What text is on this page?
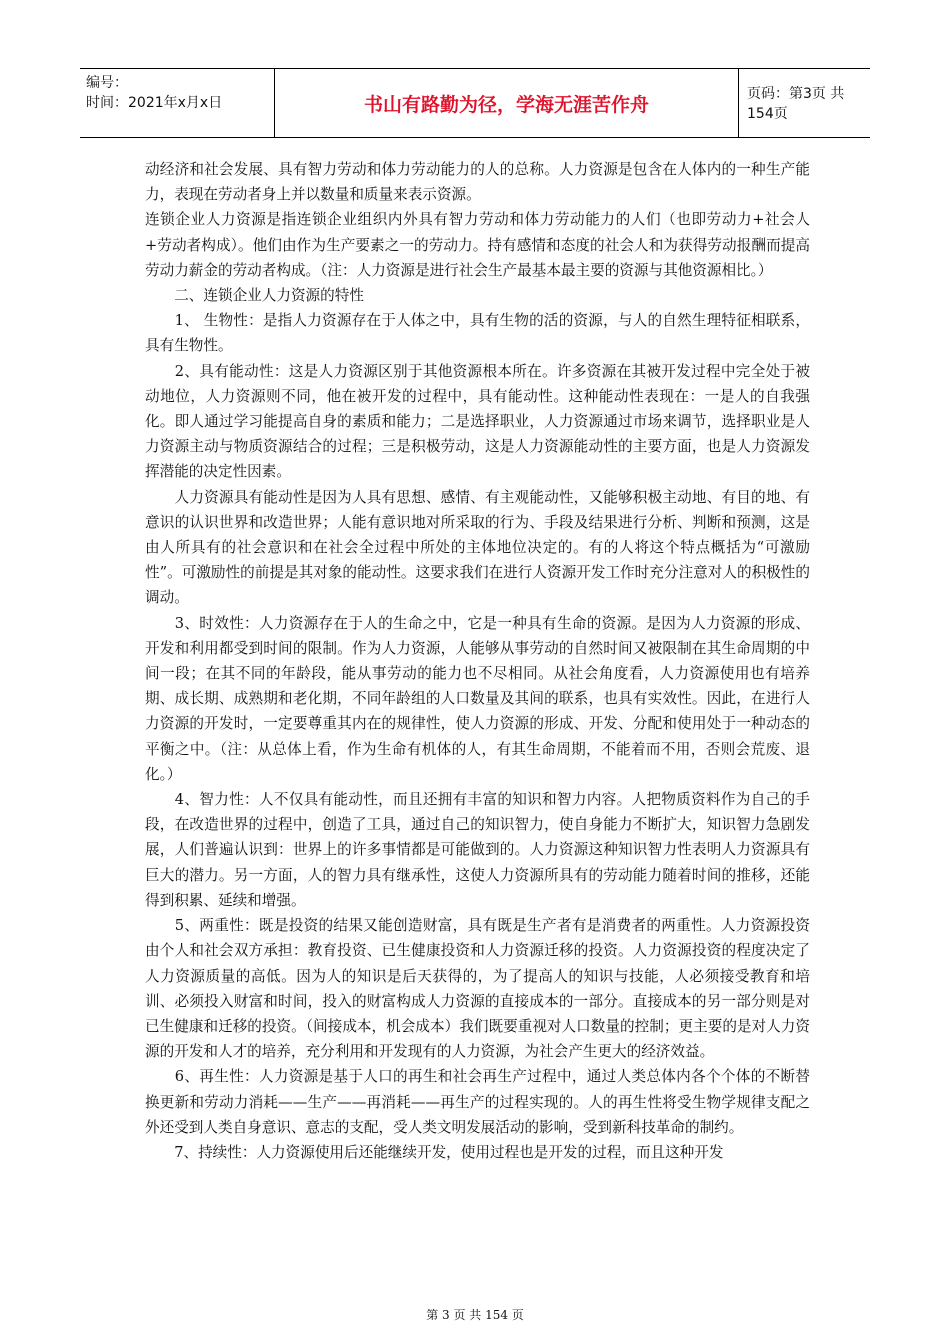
编号：
时间：2021年x月x日	书山有路勤为径，学海无涯苦作舟	页码：第3页 共154页

动经济和社会发展、具有智力劳动和体力劳动能力的人的总称。人力资源是包含在人体内的一种生产能力，表现在劳动者身上并以数量和质量来表示资源。

连锁企业人力资源是指连锁企业组织内外具有智力劳动和体力劳动能力的人们（也即劳动力+社会人+劳动者构成）。他们由作为生产要素之一的劳动力。持有感情和态度的社会人和为获得劳动报酬而提高劳动力薪金的劳动者构成。（注：人力资源是进行社会生产最基本最主要的资源与其他资源相比。）

　　二、连锁企业人力资源的特性

　　1、 生物性：是指人力资源存在于人体之中，具有生物的活的资源，与人的自然生理特征相联系，具有生物性。

　　2、具有能动性：这是人力资源区别于其他资源根本所在。许多资源在其被开发过程中完全处于被动地位，人力资源则不同，他在被开发的过程中，具有能动性。这种能动性表现在：一是人的自我强化。即人通过学习能提高自身的素质和能力；二是选择职业，人力资源通过市场来调节，选择职业是人力资源主动与物质资源结合的过程；三是积极劳动，这是人力资源能动性的主要方面，也是人力资源发挥潜能的决定性因素。

　　人力资源具有能动性是因为人具有思想、感情、有主观能动性，又能够积极主动地、有目的地、有意识的认识世界和改造世界；人能有意识地对所采取的行为、手段及结果进行分析、判断和预测，这是由人所具有的社会意识和在社会全过程中所处的主体地位决定的。有的人将这个特点概括为“可激励性”。可激励性的前提是其对象的能动性。这要求我们在进行人资源开发工作时充分注意对人的积极性的调动。

　　3、时效性：人力资源存在于人的生命之中，它是一种具有生命的资源。是因为人力资源的形成、开发和利用都受到时间的限制。作为人力资源，人能够从事劳动的自然时间又被限制在其生命周期的中间一段；在其不同的年龄段，能从事劳动的能力也不尽相同。从社会角度看，人力资源使用也有培养期、成长期、成熟期和老化期，不同年龄组的人口数量及其间的联系，也具有实效性。因此，在进行人力资源的开发时，一定要尊重其内在的规律性，使人力资源的形成、开发、分配和使用处于一种动态的平衡之中。（注：从总体上看，作为生命有机体的人，有其生命周期，不能着而不用，否则会荒废、退化。）

　　4、智力性：人不仅具有能动性，而且还拥有丰富的知识和智力内容。人把物质资料作为自己的手段，在改造世界的过程中，创造了工具，通过自己的知识智力，使自身能力不断扩大，知识智力急剧发展，人们普遍认识到：世界上的许多事情都是可能做到的。人力资源这种知识智力性表明人力资源具有巨大的潜力。另一方面，人的智力具有继承性，这使人力资源所具有的劳动能力随着时间的推移，还能得到积累、延续和增强。

　　5、两重性：既是投资的结果又能创造财富，具有既是生产者有是消费者的两重性。人力资源投资由个人和社会双方承担：教育投资、已生健康投资和人力资源迁移的投资。人力资源投资的程度决定了人力资源质量的高低。因为人的知识是后天获得的，为了提高人的知识与技能，人必须接受教育和培训、必须投入财富和时间，投入的财富构成人力资源的直接成本的一部分。直接成本的另一部分则是对已生健康和迁移的投资。（间接成本，机会成本）我们既要重视对人口数量的控制；更主要的是对人力资源的开发和人才的培养，充分利用和开发现有的人力资源，为社会产生更大的经济效益。

　　6、再生性：人力资源是基于人口的再生和社会再生产过程中，通过人类总体内各个个体的不断替换更新和劳动力消耗——生产——再消耗——再生产的过程实现的。人的再生性将受生物学规律支配之外还受到人类自身意识、意志的支配，受人类文明发展活动的影响，受到新科技革命的制约。

　　7、持续性：人力资源使用后还能继续开发，使用过程也是开发的过程，而且这种开发

第 3 页 共 154 页
